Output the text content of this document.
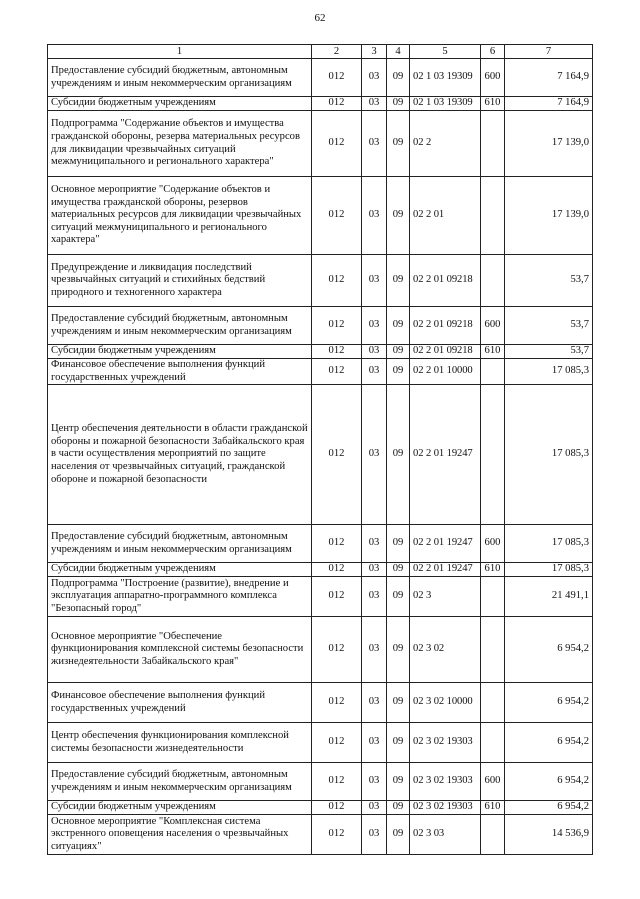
62
1	2	3	4	5	6	7
Предоставление субсидий бюджетным, автономным учреждениям и иным некоммерческим организациям	012	03	09	02 1 03 19309	600	7 164,9
Субсидии бюджетным учреждениям	012	03	09	02 1 03 19309	610	7 164,9
Подпрограмма "Содержание объектов и имущества гражданской обороны, резерва материальных ресурсов для ликвидации чрезвычайных ситуаций межмуниципального и регионального характера"	012	03	09	02 2		17 139,0
Основное мероприятие "Содержание объектов и имущества гражданской обороны, резервов материальных ресурсов для ликвидации чрезвычайных ситуаций межмуниципального и регионального характера"	012	03	09	02 2 01		17 139,0
Предупреждение и ликвидация последствий чрезвычайных ситуаций и стихийных бедствий природного и техногенного характера	012	03	09	02 2 01 09218		53,7
Предоставление субсидий бюджетным, автономным учреждениям и иным некоммерческим организациям	012	03	09	02 2 01 09218	600	53,7
Субсидии бюджетным учреждениям	012	03	09	02 2 01 09218	610	53,7
Финансовое обеспечение выполнения функций государственных учреждений	012	03	09	02 2 01 10000		17 085,3
Центр обеспечения деятельности в области гражданской обороны и пожарной безопасности Забайкальского края в части осуществления мероприятий по защите населения от чрезвычайных ситуаций, гражданской обороне и пожарной безопасности	012	03	09	02 2 01 19247		17 085,3
Предоставление субсидий бюджетным, автономным учреждениям и иным некоммерческим организациям	012	03	09	02 2 01 19247	600	17 085,3
Субсидии бюджетным учреждениям	012	03	09	02 2 01 19247	610	17 085,3
Подпрограмма "Построение (развитие), внедрение и эксплуатация аппаратно-программного комплекса "Безопасный город"	012	03	09	02 3		21 491,1
Основное мероприятие "Обеспечение функционирования комплексной системы безопасности жизнедеятельности Забайкальского края"	012	03	09	02 3 02		6 954,2
Финансовое обеспечение выполнения функций государственных учреждений	012	03	09	02 3 02 10000		6 954,2
Центр обеспечения функционирования комплексной системы безопасности жизнедеятельности	012	03	09	02 3 02 19303		6 954,2
Предоставление субсидий бюджетным, автономным учреждениям и иным некоммерческим организациям	012	03	09	02 3 02 19303	600	6 954,2
Субсидии бюджетным учреждениям	012	03	09	02 3 02 19303	610	6 954,2
Основное мероприятие "Комплексная система экстренного оповещения населения о чрезвычайных ситуациях"	012	03	09	02 3 03		14 536,9
